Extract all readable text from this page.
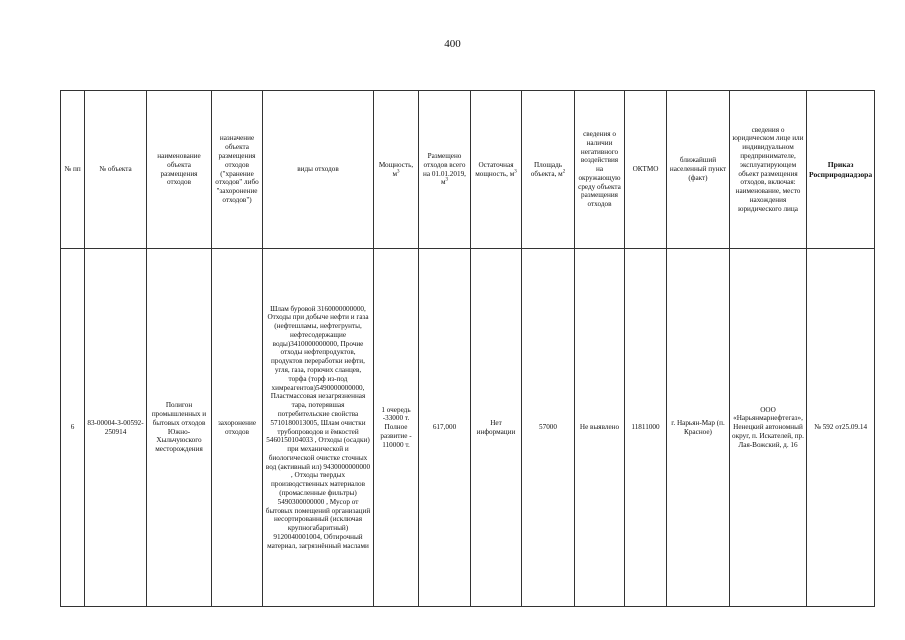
400
№ пп	№ объекта	наименование объекта размещения отходов	назначение объекта размещения отходов ("хранение отходов" либо "захоронение отходов")	виды отходов	Мощность, $м^3$	Размещено отходов всего на 01.01.2019, $м^3$	Остаточная мощность, $м^3$	Площадь объекта, $м^2$	сведения о наличии негативного воздействия на окружающую среду объекта размещения отходов	ОКТМО	ближайший населенный пункт (факт)	сведения о юридическом лице или индивидуальном предпринимателе, эксплуатирующем объект размещения отходов, включая: наименование, место нахождения юридического лица	Приказ Росприроднадзора
6	83-00004-З-00592-250914	Полигон промышленных и бытовых отходов Южно-Хыльчуюского месторождения	захоронение отходов	Шлам буровой 3160000000000, Отходы при добыче нефти и газа (нефтешламы, нефтегрунты, нефтесодержащие воды)3410000000000, Прочие отходы нефтепродуктов, продуктов переработки нефти, угля, газа, горючих сланцев, торфа (торф из-под химреагентов)5490000000000, Пластмассовая незагрязненная тара, потерявшая потребительские свойства 5710180013005, Шлам очистки трубопроводов и ёмкостей 5460150104033 , Отходы (осадки) при механической и биологической очистке сточных вод (активный ил) 9430000000000 , Отходы твердых производственных материалов (промасленные фильтры) 5490300000000 , Мусор от бытовых помещений организаций несортированный (исключая крупногабаритный) 9120040001004, Обтирочный материал, загрязнённый маслами	1 очередь -33000 т. Полное развитие - 110000 т.	617,000	Нет информации	57000	Не выявлено	11811000	г. Нарьян-Мар (п. Красное)	ООО «Нарьянмарнефтегаз», Ненецкий автономный округ, п. Искателей, пр. Лая-Вожский, д. 16	№ 592 от25.09.14
